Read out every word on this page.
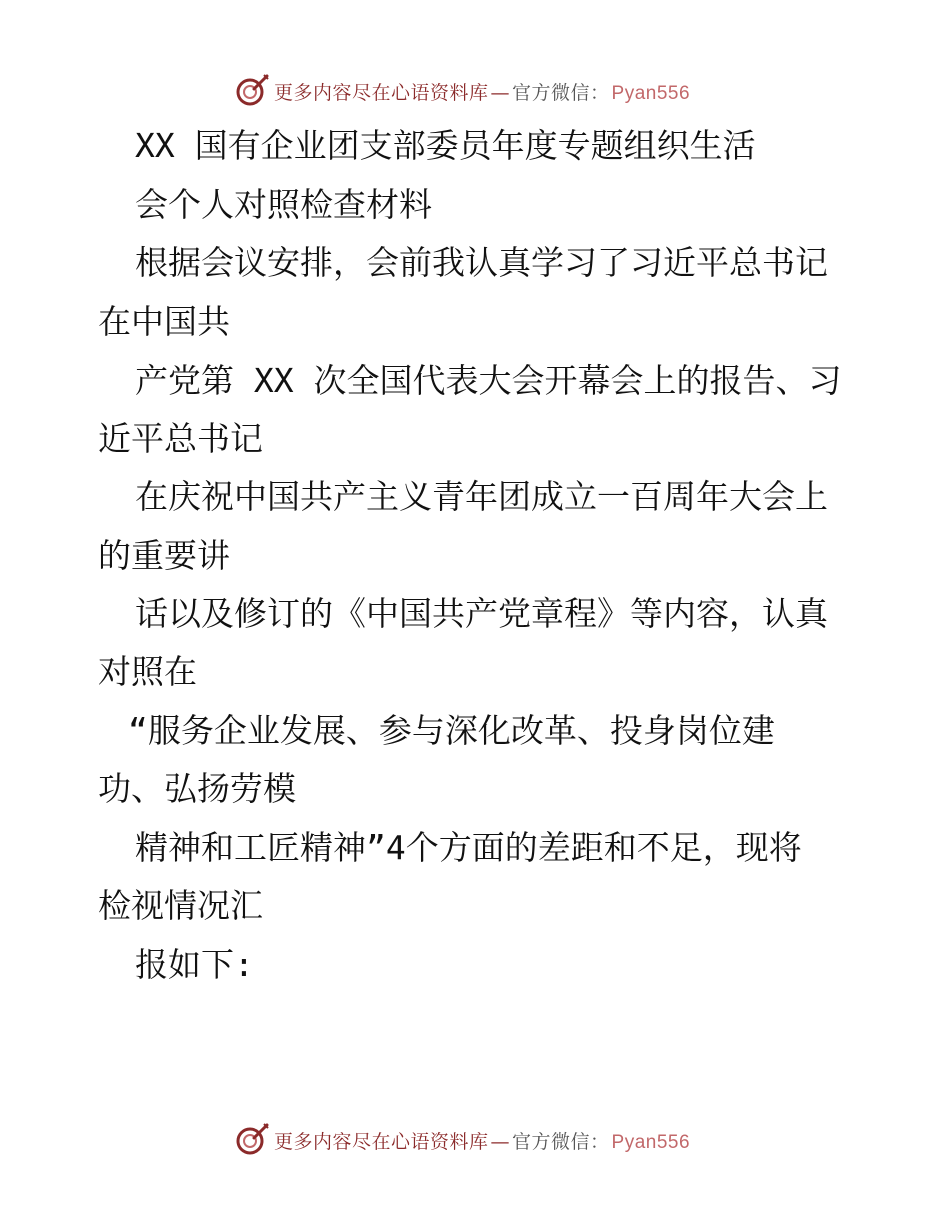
更多内容尽在心语资料库 — 官方微信： Pyan556
XX 国有企业团支部委员年度专题组织生活
会个人对照检查材料
根据会议安排，会前我认真学习了习近平总书记
在中国共
产党第 XX 次全国代表大会开幕会上的报告、习
近平总书记
在庆祝中国共产主义青年团成立一百周年大会上
的重要讲
话以及修订的《中国共产党章程》等内容，认真
对照在
“服务企业发展、参与深化改革、投身岗位建
功、弘扬劳模
精神和工匠精神”4个方面的差距和不足，现将
检视情况汇
报如下:
更多内容尽在心语资料库 — 官方微信： Pyan556
